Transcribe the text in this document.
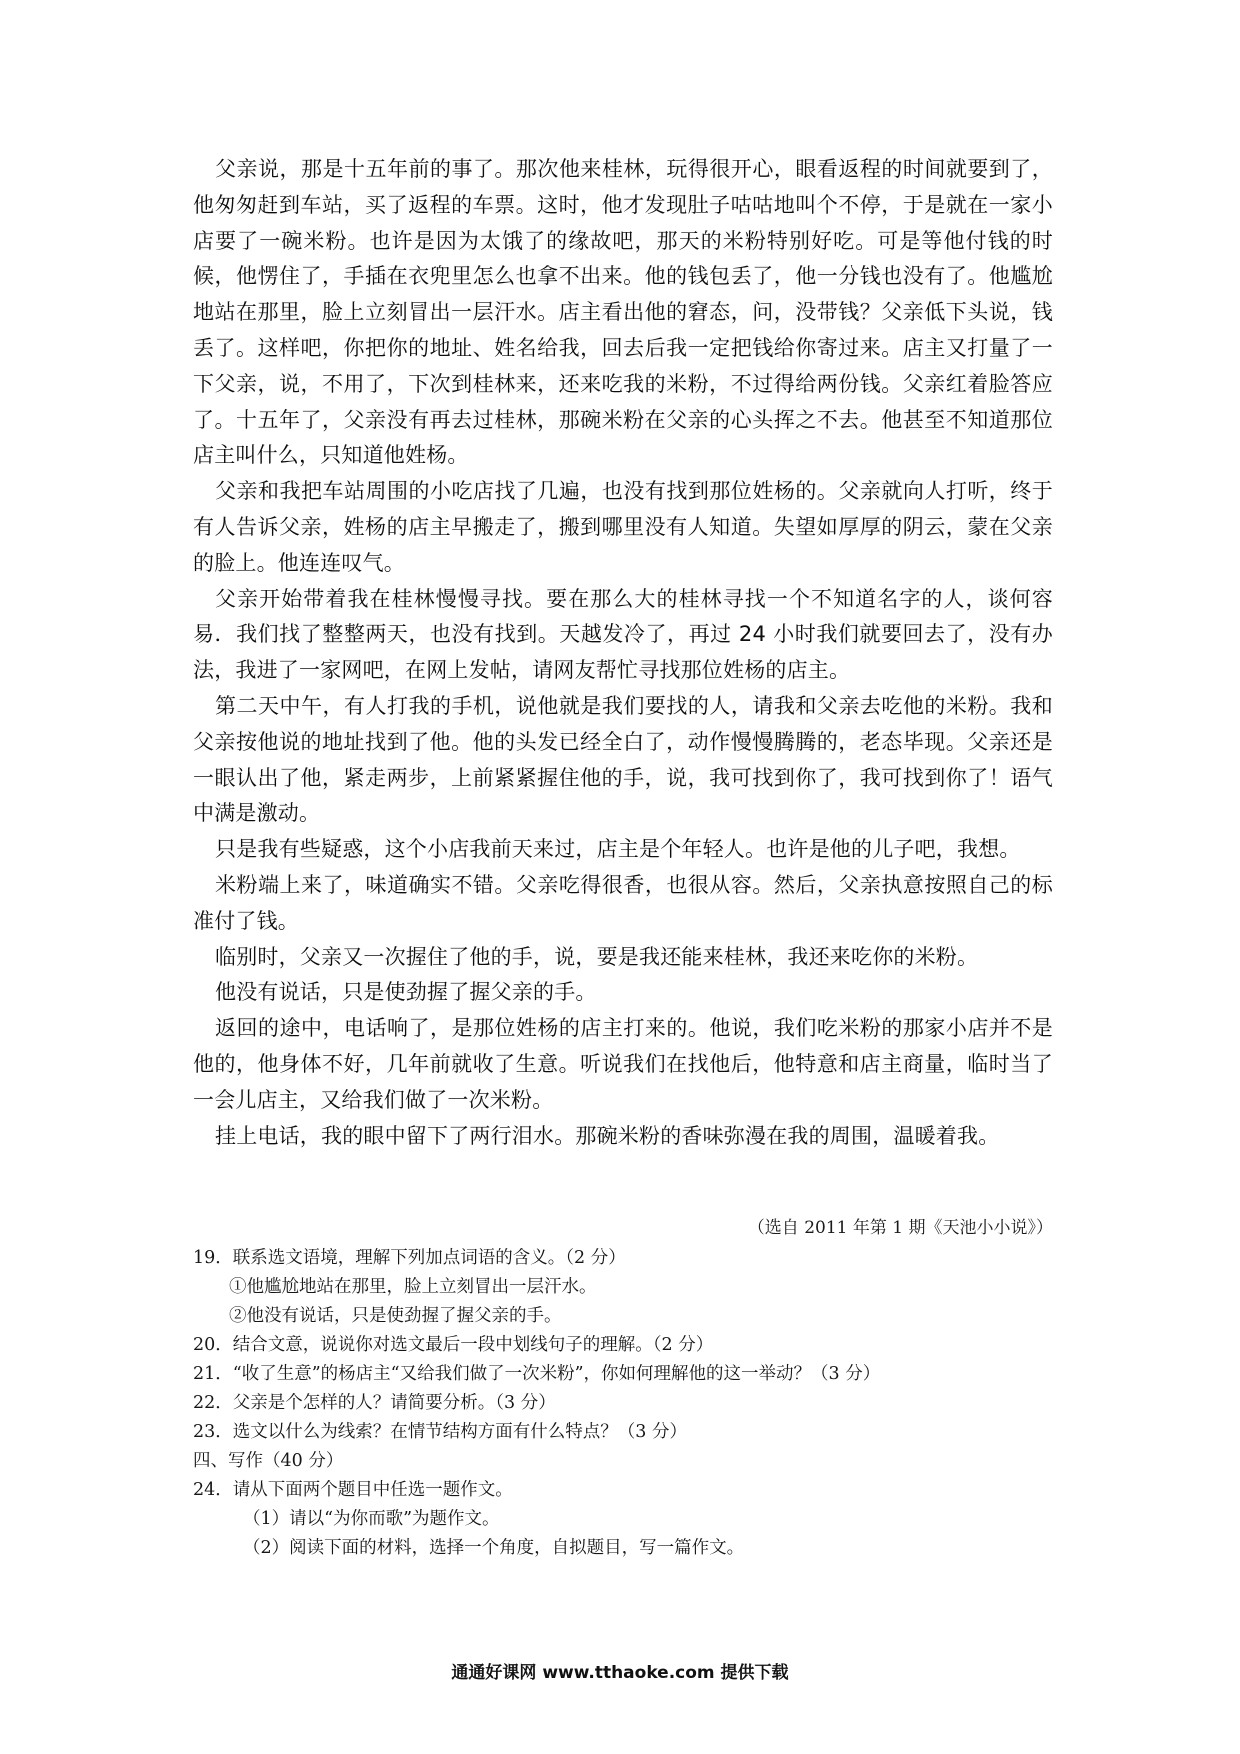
父亲说，那是十五年前的事了。那次他来桂林，玩得很开心，眼看返程的时间就要到了，他匆匆赶到车站，买了返程的车票。这时，他才发现肚子咕咕地叫个不停，于是就在一家小店要了一碗米粉。也许是因为太饿了的缘故吧，那天的米粉特别好吃。可是等他付钱的时候，他愣住了，手插在衣兜里怎么也拿不出来。他的钱包丢了，他一分钱也没有了。他尴尬地站在那里，脸上立刻冒出一层汗水。店主看出他的窘态，问，没带钱？父亲低下头说，钱丢了。这样吧，你把你的地址、姓名给我，回去后我一定把钱给你寄过来。店主又打量了一下父亲，说，不用了，下次到桂林来，还来吃我的米粉，不过得给两份钱。父亲红着脸答应了。十五年了，父亲没有再去过桂林，那碗米粉在父亲的心头挥之不去。他甚至不知道那位店主叫什么，只知道他姓杨。

父亲和我把车站周围的小吃店找了几遍，也没有找到那位姓杨的。父亲就向人打听，终于有人告诉父亲，姓杨的店主早搬走了，搬到哪里没有人知道。失望如厚厚的阴云，蒙在父亲的脸上。他连连叹气。

父亲开始带着我在桂林慢慢寻找。要在那么大的桂林寻找一个不知道名字的人，谈何容易．我们找了整整两天，也没有找到。天越发冷了，再过 24 小时我们就要回去了，没有办法，我进了一家网吧，在网上发帖，请网友帮忙寻找那位姓杨的店主。

第二天中午，有人打我的手机，说他就是我们要找的人，请我和父亲去吃他的米粉。我和父亲按他说的地址找到了他。他的头发已经全白了，动作慢慢腾腾的，老态毕现。父亲还是一眼认出了他，紧走两步，上前紧紧握住他的手，说，我可找到你了，我可找到你了！语气中满是激动。

只是我有些疑惑，这个小店我前天来过，店主是个年轻人。也许是他的儿子吧，我想。

米粉端上来了，味道确实不错。父亲吃得很香，也很从容。然后，父亲执意按照自己的标准付了钱。

临别时，父亲又一次握住了他的手，说，要是我还能来桂林，我还来吃你的米粉。

他没有说话，只是使劲握了握父亲的手。

返回的途中，电话响了，是那位姓杨的店主打来的。他说，我们吃米粉的那家小店并不是他的，他身体不好，几年前就收了生意。听说我们在找他后，他特意和店主商量，临时当了一会儿店主，又给我们做了一次米粉。

挂上电话，我的眼中留下了两行泪水。那碗米粉的香味弥漫在我的周围，温暖着我。

（选自 2011 年第 1 期《天池小小说》）

19．联系选文语境，理解下列加点词语的含义。（2 分）

①他尴尬地站在那里，脸上立刻冒出一层汗水。

②他没有说话，只是使劲握了握父亲的手。

20．结合文意，说说你对选文最后一段中划线句子的理解。（2 分）

21．“收了生意”的杨店主“又给我们做了一次米粉”，你如何理解他的这一举动？（3 分）

22．父亲是个怎样的人？请简要分析。（3 分）

23．选文以什么为线索？在情节结构方面有什么特点？（3 分）

四、写作（40 分）

24．请从下面两个题目中任选一题作文。

（1）请以“为你而歌”为题作文。

（2）阅读下面的材料，选择一个角度，自拟题目，写一篇作文。

通通好课网 www.tthaoke.com 提供下载
